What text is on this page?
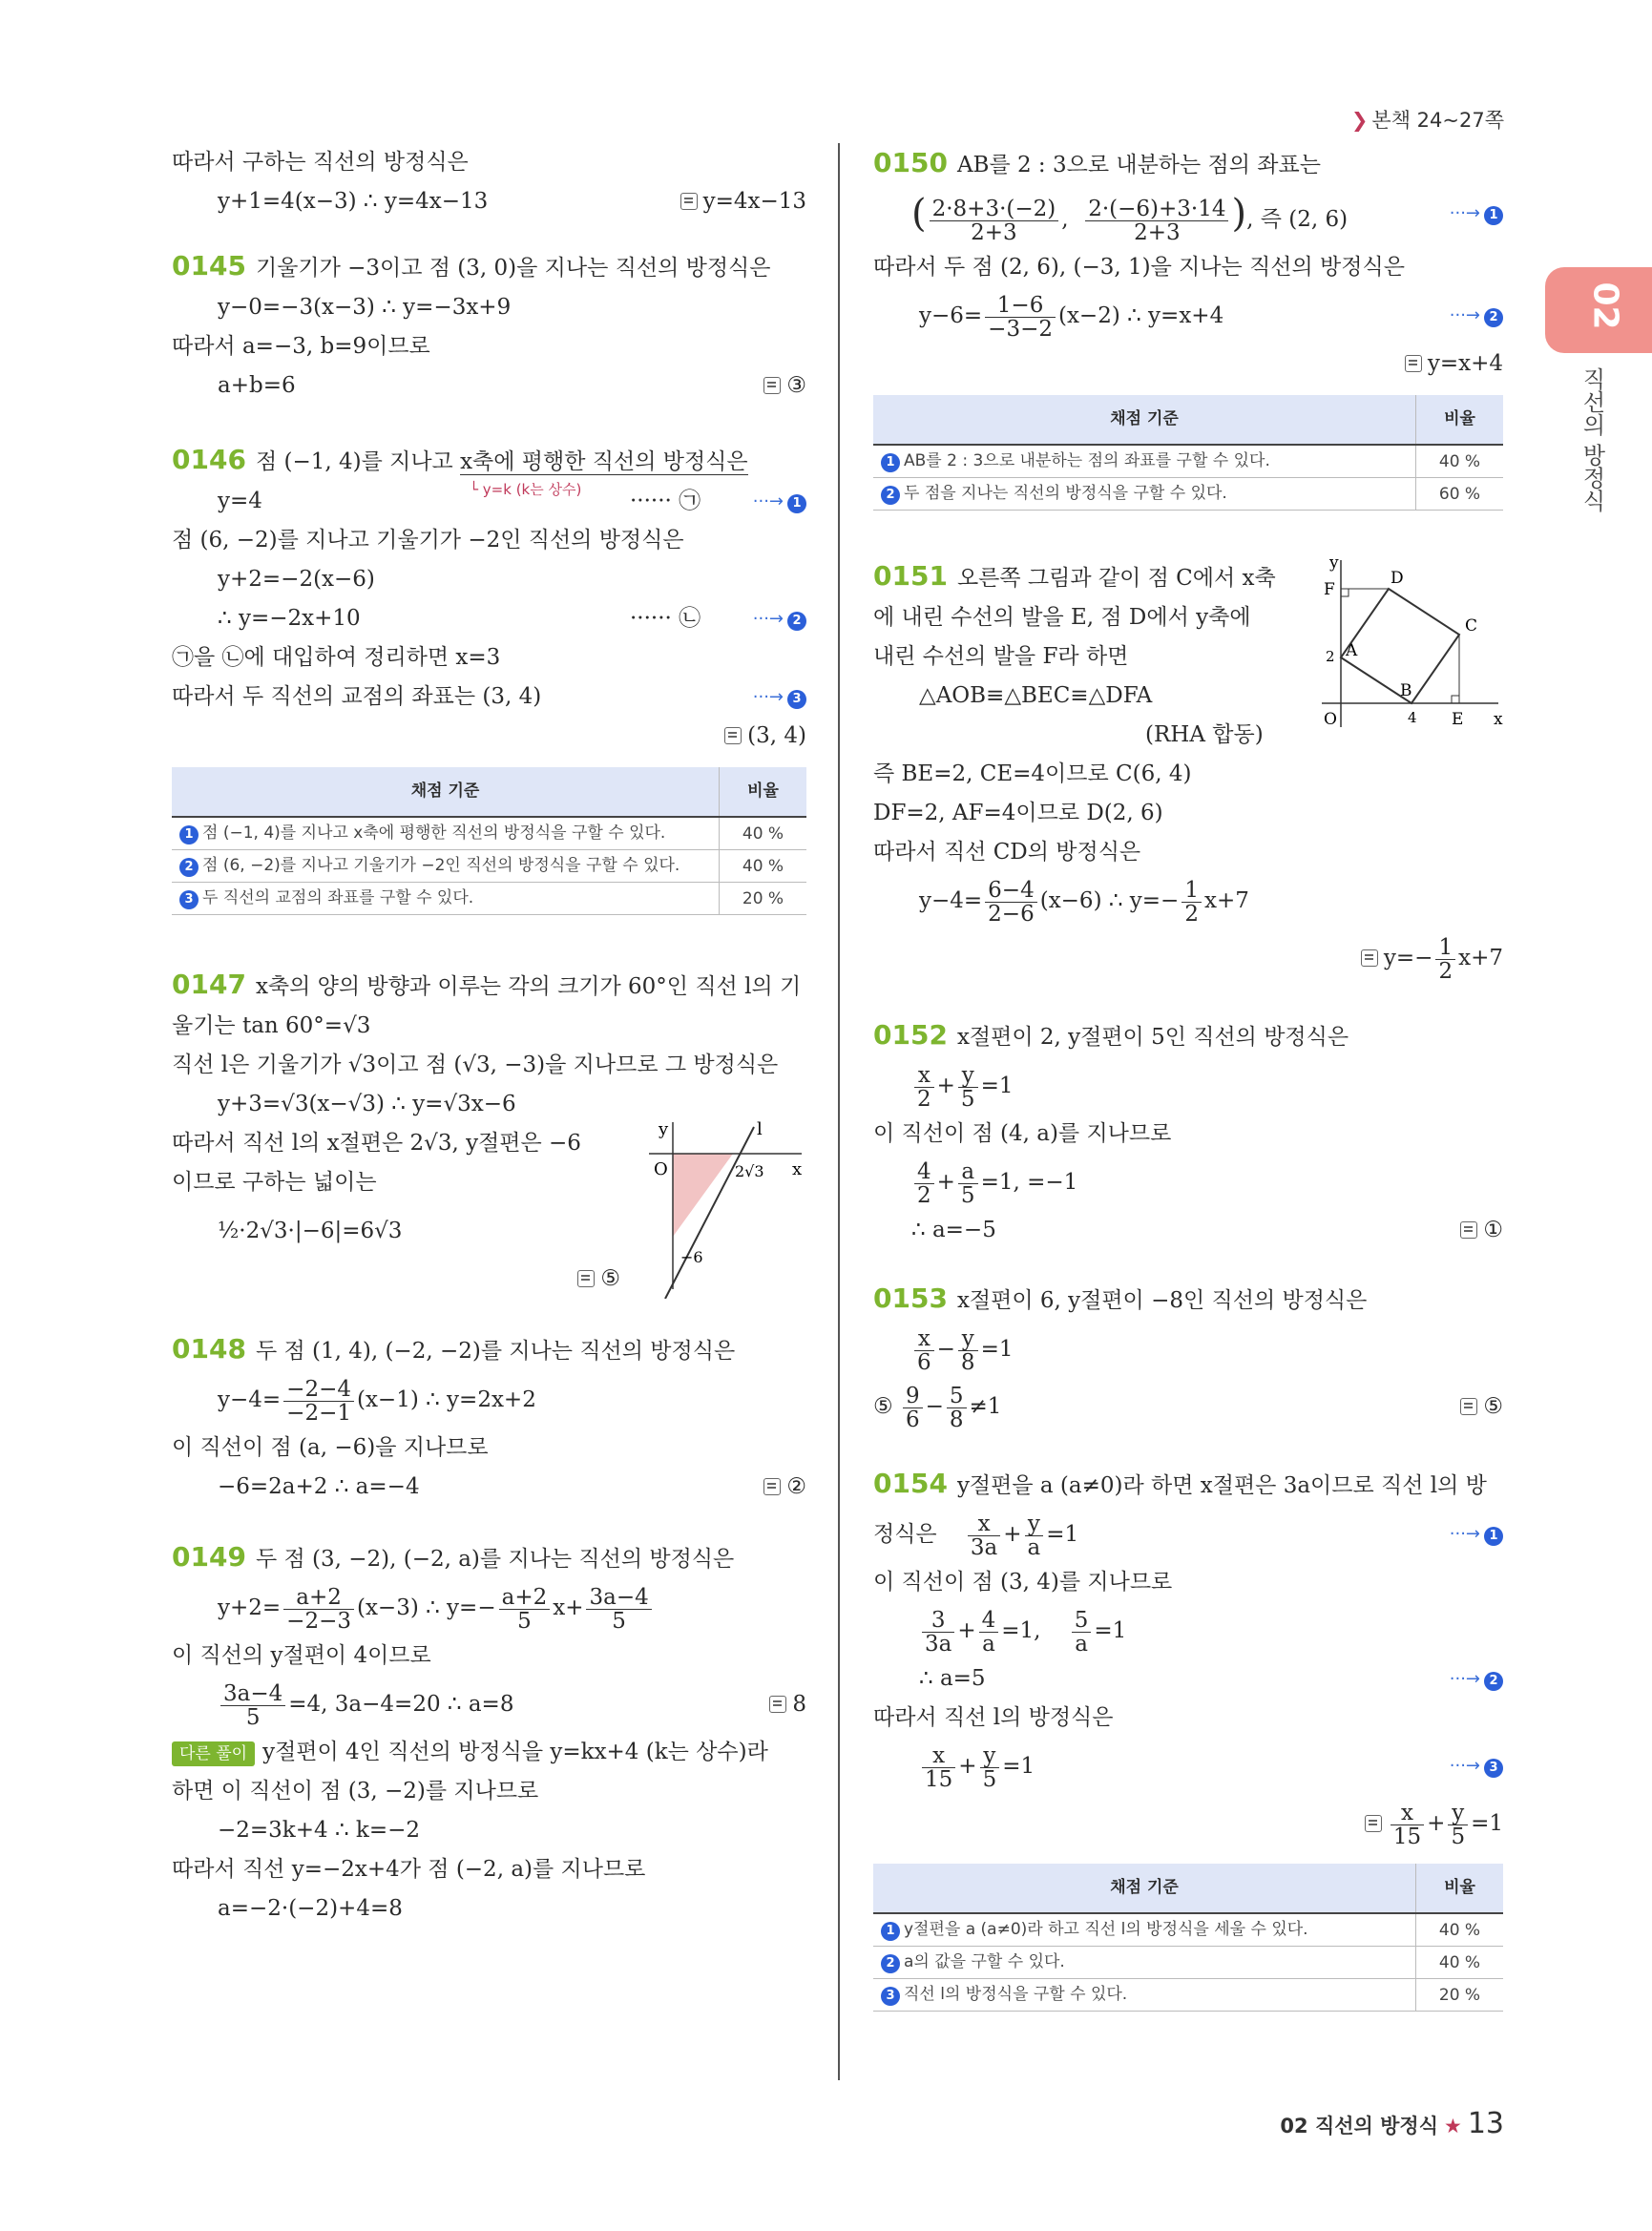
❯ 본책 24~27쪽
02
직선의 방정식
따라서 구하는 직선의 방정식은
y+1=4(x−3) ∴ y=4x−13	y=4x−13
0145 기울기가 −3이고 점 (3, 0)을 지나는 직선의 방정식은
y−0=−3(x−3) ∴ y=−3x+9
따라서 a=−3, b=9이므로
a+b=6	③
0146 점 (−1, 4)를 지나고 x축에 평행한 직선의 방정식은
y=4	└ y=k (k는 상수) ······ ㉠	···→ 1
점 (6, −2)를 지나고 기울기가 −2인 직선의 방정식은
y+2=−2(x−6)
∴ y=−2x+10	······ ㉡	···→ 2
㉠을 ㉡에 대입하여 정리하면 x=3
따라서 두 직선의 교점의 좌표는 (3, 4)	···→ 3
(3, 4)
채점 기준	비율
1 점 (−1, 4)를 지나고 x축에 평행한 직선의 방정식을 구할 수 있다.	40 %
2 점 (6, −2)를 지나고 기울기가 −2인 직선의 방정식을 구할 수 있다.	40 %
3 두 직선의 교점의 좌표를 구할 수 있다.	20 %
0147 x축의 양의 방향과 이루는 각의 크기가 60°인 직선 l의 기
울기는 tan 60°=√3
직선 l은 기울기가 √3이고 점 (√3, −3)을 지나므로 그 방정식은
y+3=√3(x−√3) ∴ y=√3x−6
따라서 직선 l의 x절편은 2√3, y절편은 −6
이므로 구하는 넓이는
½·2√3·|−6|=6√3
⑤
y	l
O	x
2√3
−6
0148 두 점 (1, 4), (−2, −2)를 지나는 직선의 방정식은
$y-4= \frac{-2-4}{-2-1} (x-1)$ ∴ y=2x+2
이 직선이 점 (a, −6)을 지나므로
−6=2a+2 ∴ a=−4	②
0149 두 점 (3, −2), (−2, a)를 지나는 직선의 방정식은
$y+2= \frac{a+2}{-2-3} (x-3)$ ∴ $y=- \frac{a+2}{5} x+ \frac{3a-4}{5}$
이 직선의 y절편이 4이므로
$\frac{3a-4}{5} =4$, 3a−4=20 ∴ a=8	8
다른 풀이 y절편이 4인 직선의 방정식을 y=kx+4 (k는 상수)라
하면 이 직선이 점 (3, −2)를 지나므로
−2=3k+4 ∴ k=−2
따라서 직선 y=−2x+4가 점 (−2, a)를 지나므로
a=−2·(−2)+4=8
0150 AB를 2 : 3으로 내분하는 점의 좌표는
( $\frac{2\cdot 8+3\cdot(-2)}{2+3}$ , $\frac{2\cdot(-6)+3\cdot 14}{2+3}$ ), 즉 (2, 6)	···→ 1
따라서 두 점 (2, 6), (−3, 1)을 지나는 직선의 방정식은
$y-6= \frac{1-6}{-3-2} (x-2)$ ∴ y=x+4	···→ 2
y=x+4
채점 기준	비율
1 AB를 2 : 3으로 내분하는 점의 좌표를 구할 수 있다.	40 %
2 두 점을 지나는 직선의 방정식을 구할 수 있다.	60 %
0151 오른쪽 그림과 같이 점 C에서 x축
에 내린 수선의 발을 E, 점 D에서 y축에
내린 수선의 발을 F라 하면
△AOB≡△BEC≡△DFA
(RHA 합동)
즉 BE=2, CE=4이므로 C(6, 4)
DF=2, AF=4이므로 D(2, 6)
따라서 직선 CD의 방정식은
$y-4= \frac{6-4}{2-6} (x-6)$ ∴ $y=- \frac{1}{2} x+7$
$y=- \frac{1}{2} x+7$
y
x
O
A
B
C
D
E
F
2
4
0152 x절편이 2, y절편이 5인 직선의 방정식은
$\frac{x}{2} + \frac{y}{5} =1$
이 직선이 점 (4, a)를 지나므로
$\frac{4}{2} + \frac{a}{5} =1$, =−1
∴ a=−5	①
0153 x절편이 6, y절편이 −8인 직선의 방정식은
$\frac{x}{6} - \frac{y}{8} =1$
⑤ $\frac{9}{6} - \frac{5}{8} \ne 1$	⑤
0154 y절편을 a (a≠0)라 하면 x절편은 3a이므로 직선 l의 방
정식은 $\frac{x}{3a} + \frac{y}{a} =1$	···→ 1
이 직선이 점 (3, 4)를 지나므로
$\frac{3}{3a} + \frac{4}{a} =1$, $\frac{5}{a} =1$
∴ a=5	···→ 2
따라서 직선 l의 방정식은
$\frac{x}{15} + \frac{y}{5} =1$	···→ 3
$\frac{x}{15} + \frac{y}{5} =1$
채점 기준	비율
1 y절편을 a (a≠0)라 하고 직선 l의 방정식을 세울 수 있다.	40 %
2 a의 값을 구할 수 있다.	40 %
3 직선 l의 방정식을 구할 수 있다.	20 %
02 직선의 방정식 ★ 13
